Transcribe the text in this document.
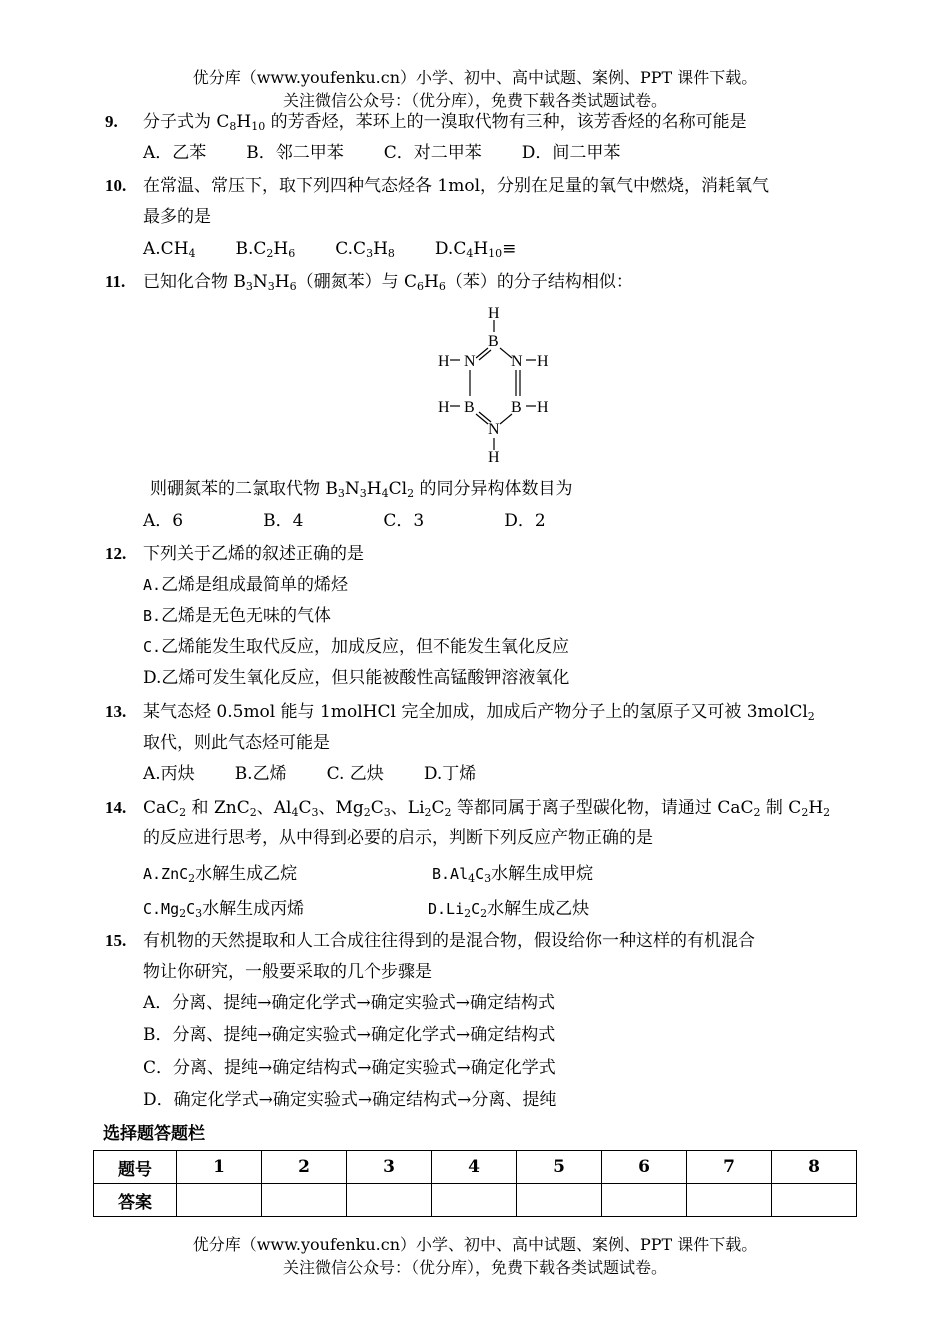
优分库（www.youfenku.cn）小学、初中、高中试题、案例、PPT 课件下载。
关注微信公众号：（优分库），免费下载各类试题试卷。
9. 分子式为 $C_8H_{10}$ 的芳香烃，苯环上的一溴取代物有三种，该芳香烃的名称可能是
A．乙苯 B．邻二甲苯 C．对二甲苯 D．间二甲苯
10. 在常温、常压下，取下列四种气态烃各 1mol，分别在足量的氧气中燃烧，消耗氧气
最多的是
$A.CH_4$ $B.C_2H_6$ $C.C_3H_8$ $D.C_4H_{10}\equiv$
11. 已知化合物 $B_3N_3H_6$（硼氮苯）与 $C_6H_6$（苯）的分子结构相似：
H
B
N
H	N H
B
H	B H
N
H
则硼氮苯的二氯取代物 $B_3N_3H_4Cl_2$ 的同分异构体数目为
A．6	B．4	C．3	D．2
12. 下列关于乙烯的叙述正确的是
A.乙烯是组成最简单的烯烃
B.乙烯是无色无味的气体
C.乙烯能发生取代反应，加成反应，但不能发生氧化反应
D.乙烯可发生氧化反应，但只能被酸性高锰酸钾溶液氧化
13. 某气态烃 0.5mol 能与 1molHCl 完全加成，加成后产物分子上的氢原子又可被 3molCl$_2$
取代，则此气态烃可能是
A.丙炔 B.乙烯 C. 乙炔 D.丁烯
14. CaC$_2$ 和 ZnC$_2$、$Al_4C_3$、$Mg_2C_3$、$Li_2C_2$ 等都同属于离子型碳化物，请通过 CaC$_2$ 制 $C_2H_2$
的反应进行思考，从中得到必要的启示，判断下列反应产物正确的是
A.ZnC$_2$水解生成乙烷	$B.Al_4C_3$水解生成甲烷
$C.Mg_2C_3$水解生成丙烯	$D.Li_2C_2$水解生成乙炔
15. 有机物的天然提取和人工合成往往得到的是混合物，假设给你一种这样的有机混合
物让你研究，一般要采取的几个步骤是
A．分离、提纯→确定化学式→确定实验式→确定结构式
B．分离、提纯→确定实验式→确定化学式→确定结构式
C．分离、提纯→确定结构式→确定实验式→确定化学式
D．确定化学式→确定实验式→确定结构式→分离、提纯
选择题答题栏
题号	1	2	3	4	5	6	7	8
答案								
优分库（www.youfenku.cn）小学、初中、高中试题、案例、PPT 课件下载。
关注微信公众号：（优分库），免费下载各类试题试卷。
